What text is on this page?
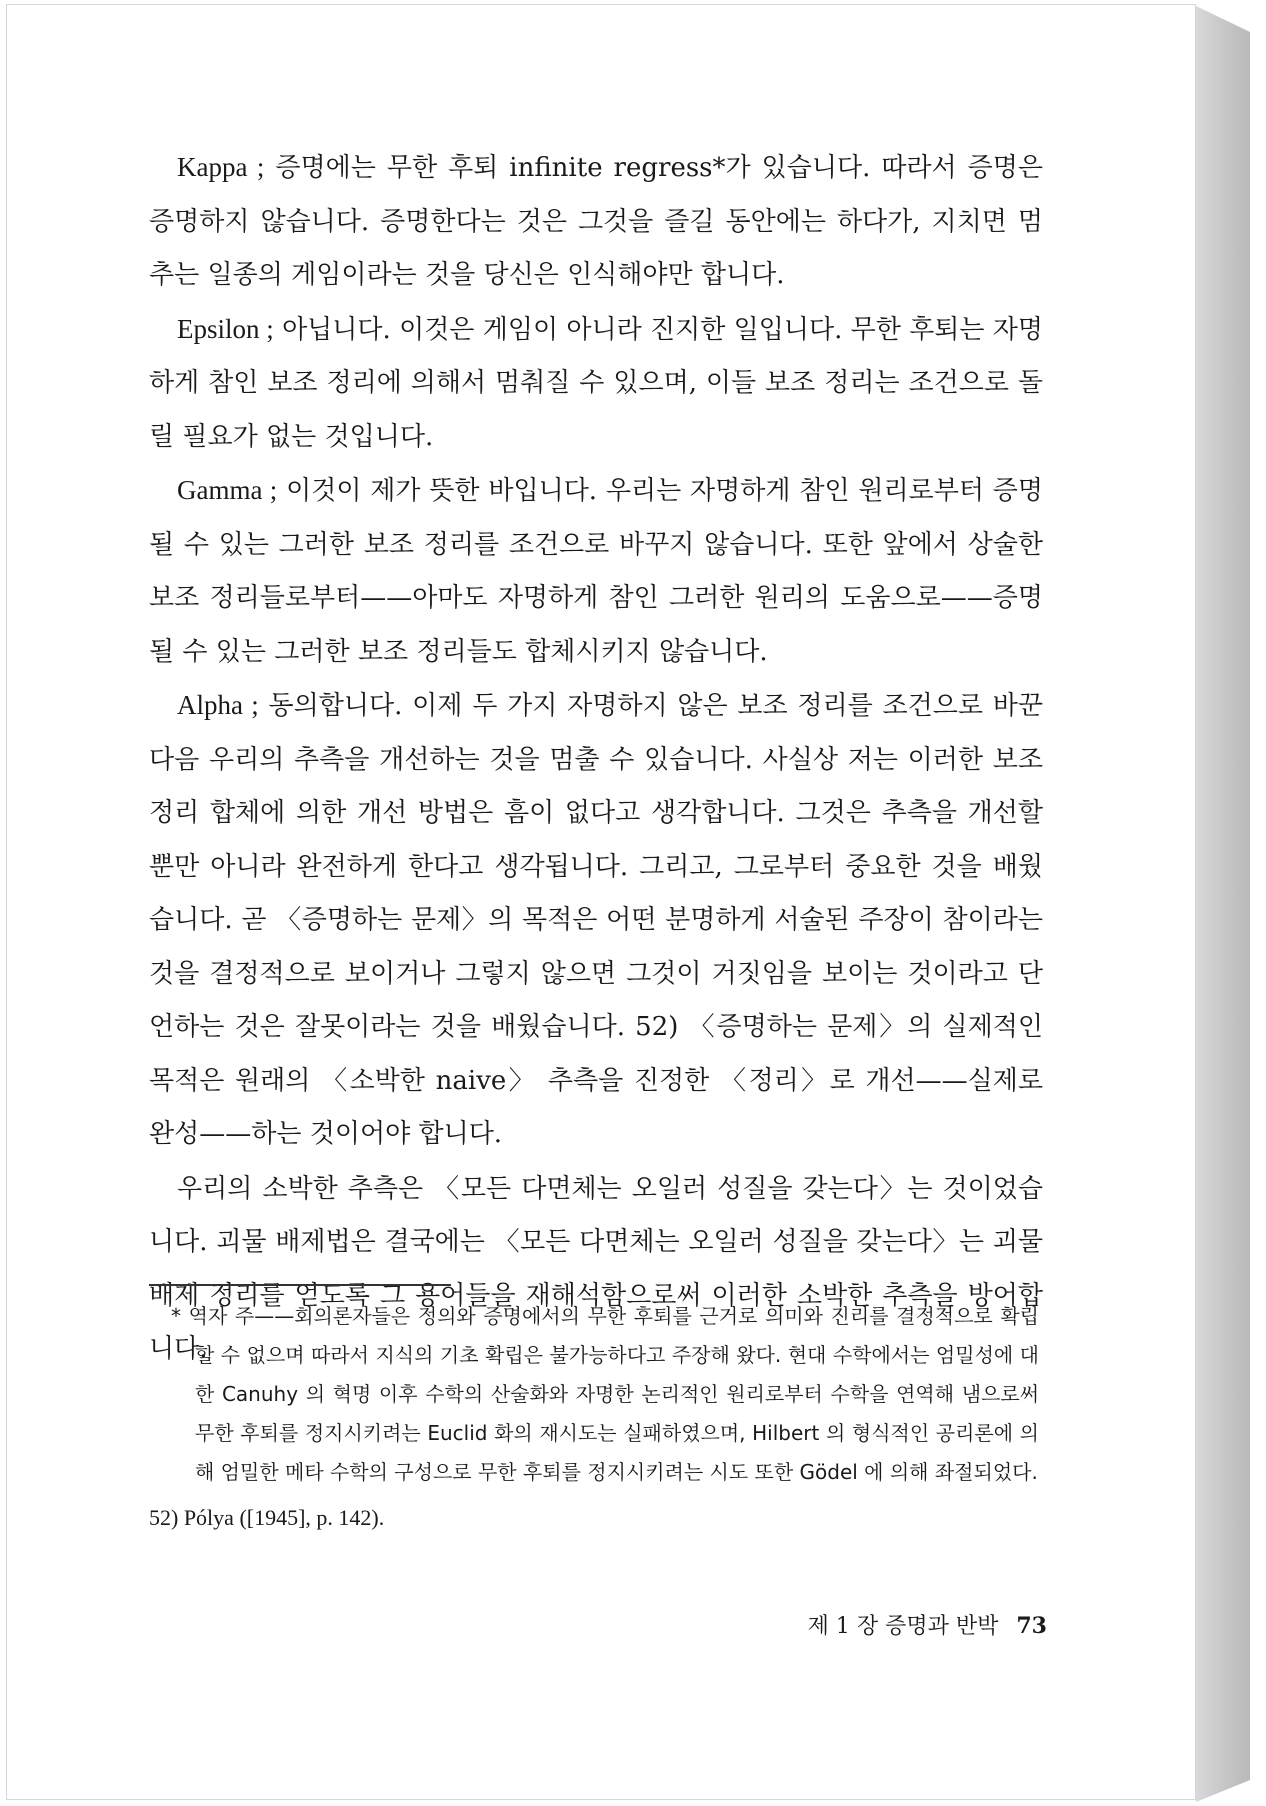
Kappa ; 증명에는 무한 후퇴 infinite regress*가 있습니다. 따라서 증명은 증명하지 않습니다. 증명한다는 것은 그것을 즐길 동안에는 하다가, 지치면 멈추는 일종의 게임이라는 것을 당신은 인식해야만 합니다.

Epsilon ; 아닙니다. 이것은 게임이 아니라 진지한 일입니다. 무한 후퇴는 자명하게 참인 보조 정리에 의해서 멈춰질 수 있으며, 이들 보조 정리는 조건으로 돌릴 필요가 없는 것입니다.

Gamma ; 이것이 제가 뜻한 바입니다. 우리는 자명하게 참인 원리로부터 증명될 수 있는 그러한 보조 정리를 조건으로 바꾸지 않습니다. 또한 앞에서 상술한 보조 정리들로부터——아마도 자명하게 참인 그러한 원리의 도움으로——증명될 수 있는 그러한 보조 정리들도 합체시키지 않습니다.

Alpha ; 동의합니다. 이제 두 가지 자명하지 않은 보조 정리를 조건으로 바꾼 다음 우리의 추측을 개선하는 것을 멈출 수 있습니다. 사실상 저는 이러한 보조 정리 합체에 의한 개선 방법은 흠이 없다고 생각합니다. 그것은 추측을 개선할 뿐만 아니라 완전하게 한다고 생각됩니다. 그리고, 그로부터 중요한 것을 배웠습니다. 곧 〈증명하는 문제〉의 목적은 어떤 분명하게 서술된 주장이 참이라는 것을 결정적으로 보이거나 그렇지 않으면 그것이 거짓임을 보이는 것이라고 단언하는 것은 잘못이라는 것을 배웠습니다. 52) 〈증명하는 문제〉의 실제적인 목적은 원래의 〈소박한 naive〉 추측을 진정한 〈정리〉로 개선——실제로 완성——하는 것이어야 합니다.

우리의 소박한 추측은 〈모든 다면체는 오일러 성질을 갖는다〉는 것이었습니다. 괴물 배제법은 결국에는 〈모든 다면체는 오일러 성질을 갖는다〉는 괴물 배제 정리를 얻도록 그 용어들을 재해석함으로써 이러한 소박한 추측을 방어합니다.

* 역자 주——회의론자들은 정의와 증명에서의 무한 후퇴를 근거로 의미와 진리를 결정적으로 확립할 수 없으며 따라서 지식의 기초 확립은 불가능하다고 주장해 왔다. 현대 수학에서는 엄밀성에 대한 Canuhy 의 혁명 이후 수학의 산술화와 자명한 논리적인 원리로부터 수학을 연역해 냄으로써 무한 후퇴를 정지시키려는 Euclid 화의 재시도는 실패하였으며, Hilbert 의 형식적인 공리론에 의해 엄밀한 메타 수학의 구성으로 무한 후퇴를 정지시키려는 시도 또한 Gödel 에 의해 좌절되었다.

52) Pólya ([1945], p. 142).

제 1 장 증명과 반박 73
